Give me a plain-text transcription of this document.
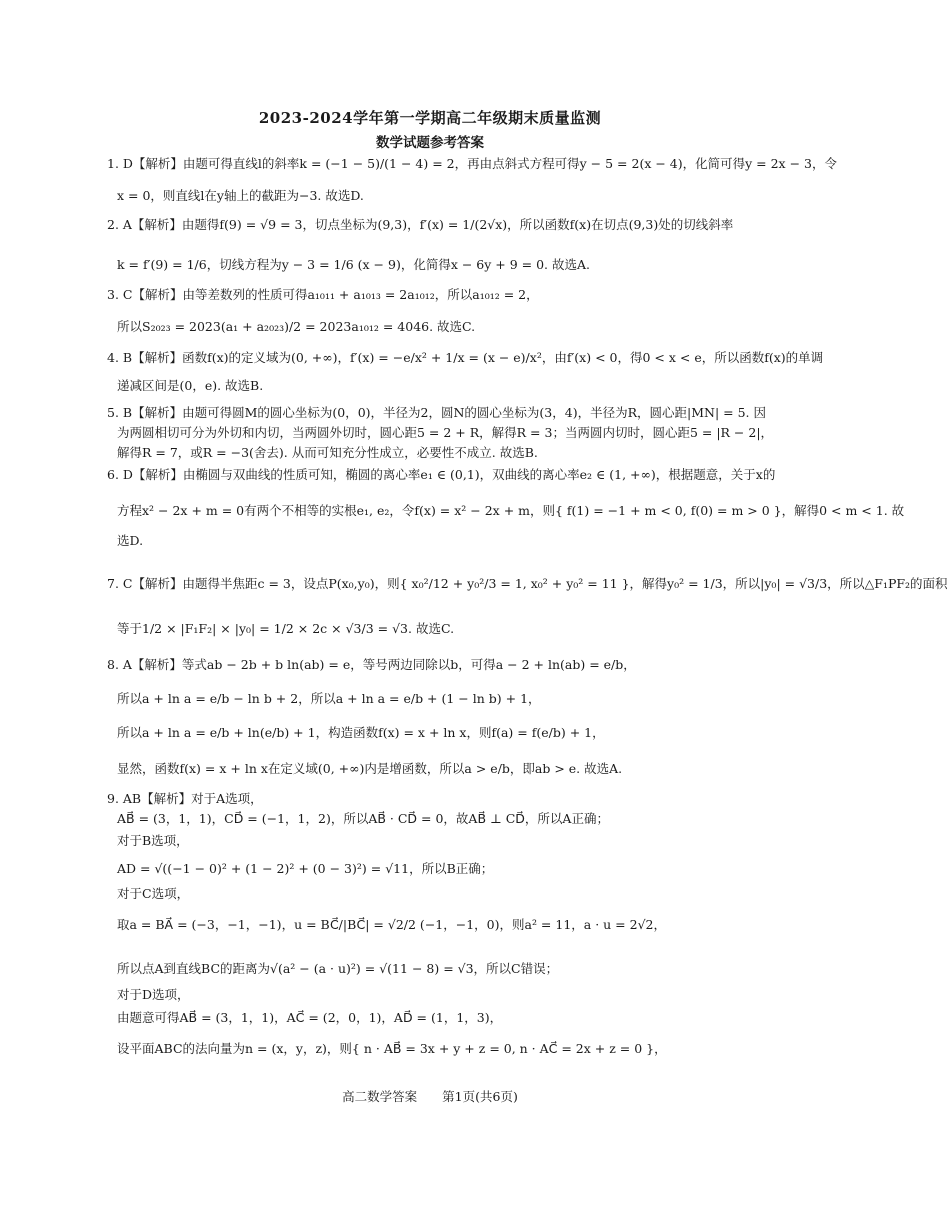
2023-2024学年第一学期高二年级期末质量监测
数学试题参考答案
1. D【解析】由题可得直线l的斜率k = (−1 − 5)/(1 − 4) = 2，再由点斜式方程可得y − 5 = 2(x − 4)，化简可得y = 2x − 3，令
x = 0，则直线l在y轴上的截距为−3. 故选D.
2. A【解析】由题得f(9) = √9 = 3，切点坐标为(9,3)，f′(x) = 1/(2√x)，所以函数f(x)在切点(9,3)处的切线斜率
k = f′(9) = 1/6，切线方程为y − 3 = 1/6 (x − 9)，化简得x − 6y + 9 = 0. 故选A.
3. C【解析】由等差数列的性质可得a₁₀₁₁ + a₁₀₁₃ = 2a₁₀₁₂，所以a₁₀₁₂ = 2，
所以S₂₀₂₃ = 2023(a₁ + a₂₀₂₃)/2 = 2023a₁₀₁₂ = 4046. 故选C.
4. B【解析】函数f(x)的定义域为(0, +∞)，f′(x) = −e/x² + 1/x = (x − e)/x²，由f′(x) < 0，得0 < x < e，所以函数f(x)的单调
递减区间是(0，e). 故选B.
5. B【解析】由题可得圆M的圆心坐标为(0，0)，半径为2，圆N的圆心坐标为(3，4)，半径为R，圆心距|MN| = 5. 因
为两圆相切可分为外切和内切，当两圆外切时，圆心距5 = 2 + R，解得R = 3；当两圆内切时，圆心距5 = |R − 2|，
解得R = 7，或R = −3(舍去). 从而可知充分性成立，必要性不成立. 故选B.
6. D【解析】由椭圆与双曲线的性质可知，椭圆的离心率e₁ ∈ (0,1)，双曲线的离心率e₂ ∈ (1, +∞)，根据题意，关于x的
方程x² − 2x + m = 0有两个不相等的实根e₁, e₂，令f(x) = x² − 2x + m，则{ f(1) = −1 + m < 0, f(0) = m > 0 }，解得0 < m < 1. 故
选D.
7. C【解析】由题得半焦距c = 3，设点P(x₀,y₀)，则{ x₀²/12 + y₀²/3 = 1, x₀² + y₀² = 11 }，解得y₀² = 1/3，所以|y₀| = √3/3，所以△F₁PF₂的面积
等于1/2 × |F₁F₂| × |y₀| = 1/2 × 2c × √3/3 = √3. 故选C.
8. A【解析】等式ab − 2b + b ln(ab) = e，等号两边同除以b，可得a − 2 + ln(ab) = e/b，
所以a + ln a = e/b − ln b + 2，所以a + ln a = e/b + (1 − ln b) + 1，
所以a + ln a = e/b + ln(e/b) + 1，构造函数f(x) = x + ln x，则f(a) = f(e/b) + 1，
显然，函数f(x) = x + ln x在定义域(0, +∞)内是增函数，所以a > e/b，即ab > e. 故选A.
9. AB【解析】对于A选项，
AB⃗ = (3，1，1)，CD⃗ = (−1，1，2)，所以AB⃗ · CD⃗ = 0，故AB⃗ ⊥ CD⃗，所以A正确；
对于B选项，
AD = √((−1 − 0)² + (1 − 2)² + (0 − 3)²) = √11，所以B正确；
对于C选项，
取a = BA⃗ = (−3，−1，−1)，u = BC⃗/|BC⃗| = √2/2 (−1，−1，0)，则a² = 11，a · u = 2√2，
所以点A到直线BC的距离为√(a² − (a · u)²) = √(11 − 8) = √3，所以C错误；
对于D选项，
由题意可得AB⃗ = (3，1，1)，AC⃗ = (2，0，1)，AD⃗ = (1，1，3)，
设平面ABC的法向量为n = (x，y，z)，则{ n · AB⃗ = 3x + y + z = 0, n · AC⃗ = 2x + z = 0 }，
高二数学答案　　第1页(共6页)
